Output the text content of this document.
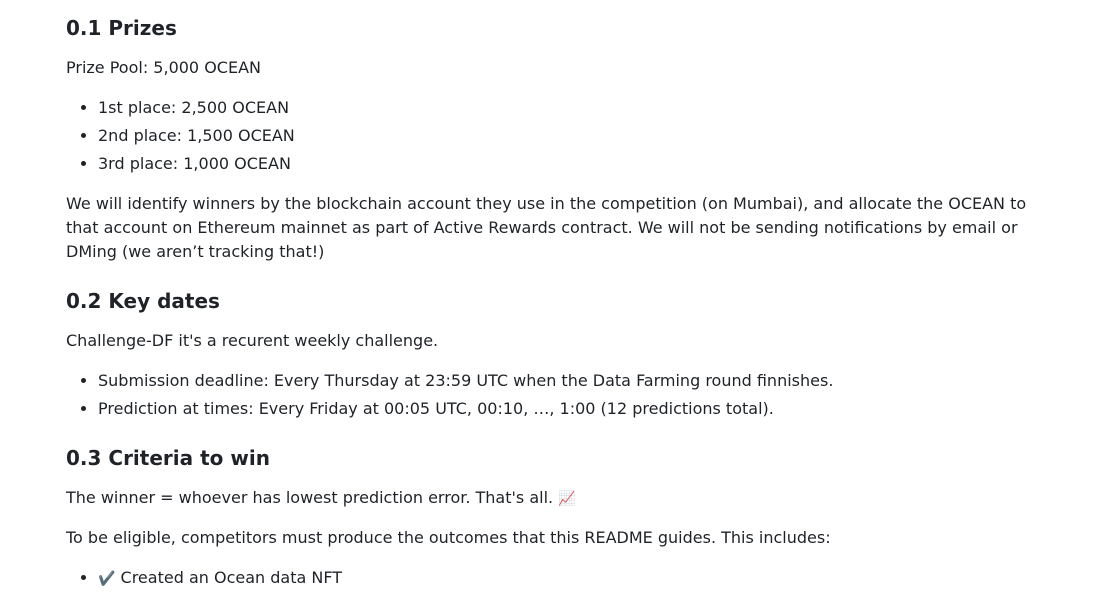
0.1 Prizes

Prize Pool: 5,000 OCEAN

• 1st place: 2,500 OCEAN
• 2nd place: 1,500 OCEAN
• 3rd place: 1,000 OCEAN

We will identify winners by the blockchain account they use in the competition (on Mumbai), and allocate the OCEAN to that account on Ethereum mainnet as part of Active Rewards contract. We will not be sending notifications by email or DMing (we aren’t tracking that!)

0.2 Key dates

Challenge-DF it's a recurent weekly challenge.

• Submission deadline: Every Thursday at 23:59 UTC when the Data Farming round finnishes.
• Prediction at times: Every Friday at 00:05 UTC, 00:10, …, 1:00 (12 predictions total).
0.3 Criteria to win

The winner = whoever has lowest prediction error. That's all. 📈

To be eligible, competitors must produce the outcomes that this README guides. This includes:

• ✔️ Created an Ocean data NFT
